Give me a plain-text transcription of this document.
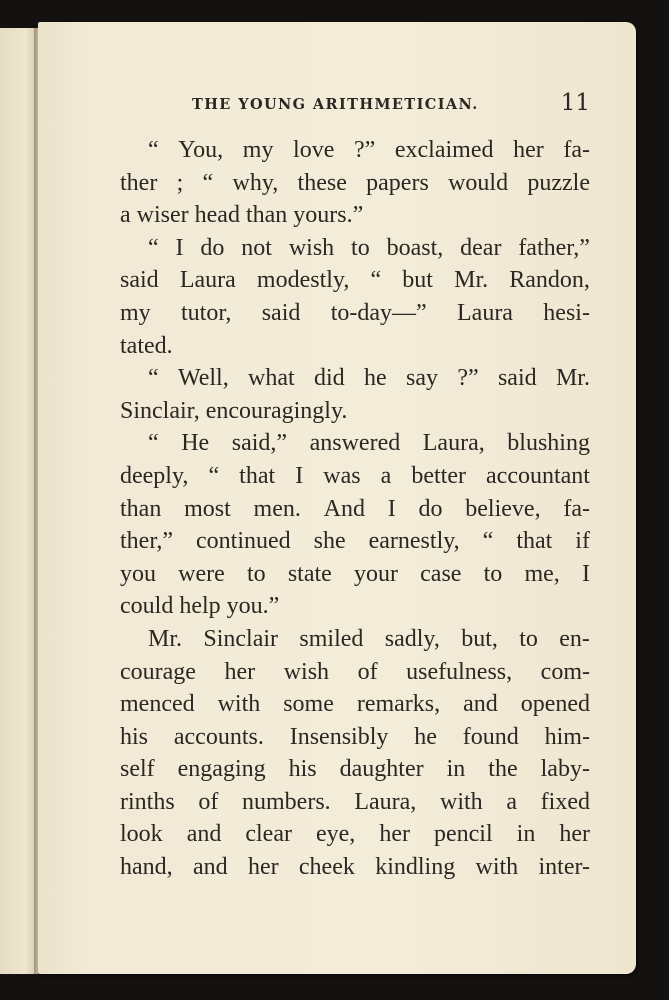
THE YOUNG ARITHMETICIAN.	11
“ You, my love ?” exclaimed her fa-
ther ; “ why, these papers would puzzle
a wiser head than yours.”
“ I do not wish to boast, dear father,”
said Laura modestly, “ but Mr. Randon,
my tutor, said to-day—” Laura hesi-
tated.
“ Well, what did he say ?” said Mr.
Sinclair, encouragingly.
“ He said,” answered Laura, blushing
deeply, “ that I was a better accountant
than most men. And I do believe, fa-
ther,” continued she earnestly, “ that if
you were to state your case to me, I
could help you.”
Mr. Sinclair smiled sadly, but, to en-
courage her wish of usefulness, com-
menced with some remarks, and opened
his accounts. Insensibly he found him-
self engaging his daughter in the laby-
rinths of numbers. Laura, with a fixed
look and clear eye, her pencil in her
hand, and her cheek kindling with inter-
